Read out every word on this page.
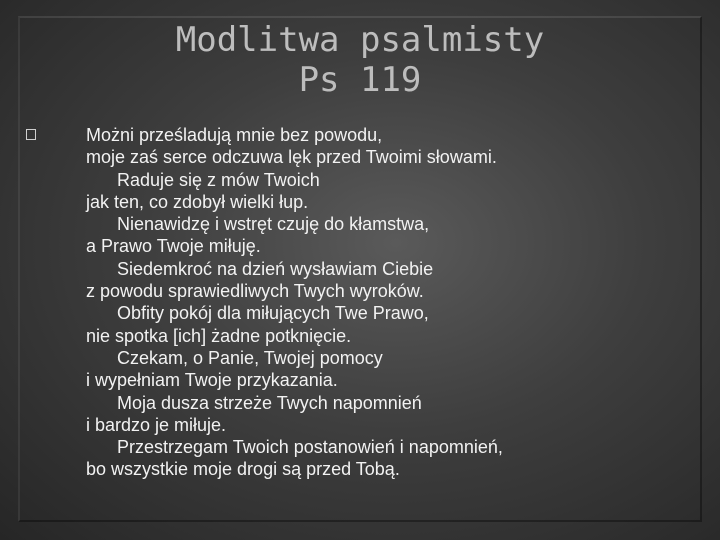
Modlitwa psalmisty
Ps 119
Możni prześladują mnie bez powodu,
moje zaś serce odczuwa lęk przed Twoimi słowami.
Raduje się z mów Twoich
jak ten, co zdobył wielki łup.
Nienawidzę i wstręt czuję do kłamstwa,
a Prawo Twoje miłuję.
Siedemkroć na dzień wysławiam Ciebie
z powodu sprawiedliwych Twych wyroków.
Obfity pokój dla miłujących Twe Prawo,
nie spotka [ich] żadne potknięcie.
Czekam, o Panie, Twojej pomocy
i wypełniam Twoje przykazania.
Moja dusza strzeże Twych napomnień
i bardzo je miłuje.
Przestrzegam Twoich postanowień i napomnień,
bo wszystkie moje drogi są przed Tobą.
